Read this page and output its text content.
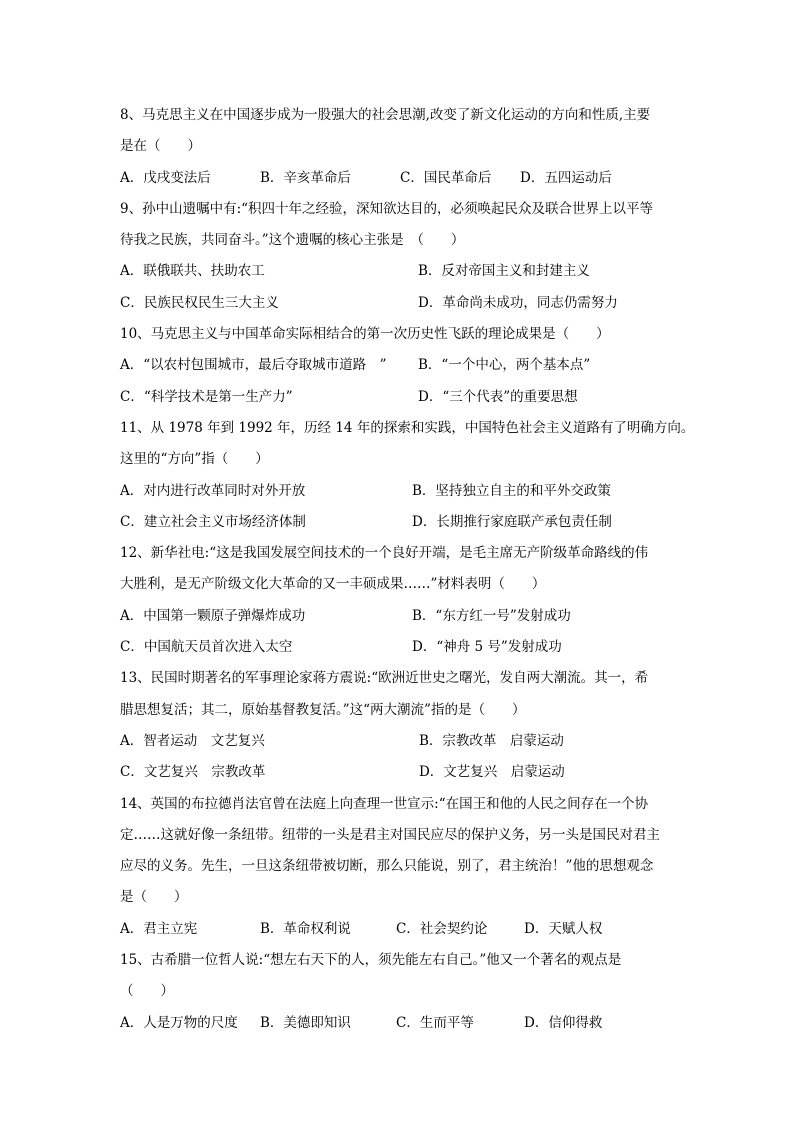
8、马克思主义在中国逐步成为一股强大的社会思潮,改变了新文化运动的方向和性质,主要
是在（　　）
A．戊戌变法后	B．辛亥革命后	C．国民革命后	D．五四运动后
9、孙中山遗嘱中有:“积四十年之经验，深知欲达目的，必须唤起民众及联合世界上以平等
待我之民族，共同奋斗。”这个遗嘱的核心主张是　（　　）
A．联俄联共、扶助农工	B．反对帝国主义和封建主义
C．民族民权民生三大主义	D．革命尚未成功，同志仍需努力
10、马克思主义与中国革命实际相结合的第一次历史性飞跃的理论成果是（　　）
A．“以农村包围城市，最后夺取城市道路　”	B．“一个中心，两个基本点”
C．“科学技术是第一生产力”	D．“三个代表”的重要思想
11、从 1978 年到 1992 年，历经 14 年的探索和实践，中国特色社会主义道路有了明确方向。
这里的“方向”指（　　）
A．对内进行改革同时对外开放	B．坚持独立自主的和平外交政策
C．建立社会主义市场经济体制	D．长期推行家庭联产承包责任制
12、新华社电:“这是我国发展空间技术的一个良好开端，是毛主席无产阶级革命路线的伟
大胜利，是无产阶级文化大革命的又一丰硕成果……”材料表明（　　）
A．中国第一颗原子弹爆炸成功	B．“东方红一号”发射成功
C．中国航天员首次进入太空	D．“神舟 5 号”发射成功
13、民国时期著名的军事理论家蒋方震说:“欧洲近世史之曙光，发自两大潮流。其一，希
腊思想复活；其二，原始基督教复活。”这“两大潮流”指的是（　　）
A．智者运动　文艺复兴	B．宗教改革　启蒙运动
C．文艺复兴　宗教改革	D．文艺复兴　启蒙运动
14、英国的布拉德肖法官曾在法庭上向查理一世宣示:“在国王和他的人民之间存在一个协
定……这就好像一条纽带。纽带的一头是君主对国民应尽的保护义务，另一头是国民对君主
应尽的义务。先生，一旦这条纽带被切断，那么只能说，别了，君主统治！”他的思想观念
是（　　）
A．君主立宪	B．革命权利说	C．社会契约论	D．天赋人权
15、古希腊一位哲人说:“想左右天下的人，须先能左右自己。”他又一个著名的观点是
（　　）
A．人是万物的尺度	B．美德即知识	C．生而平等	D．信仰得救
